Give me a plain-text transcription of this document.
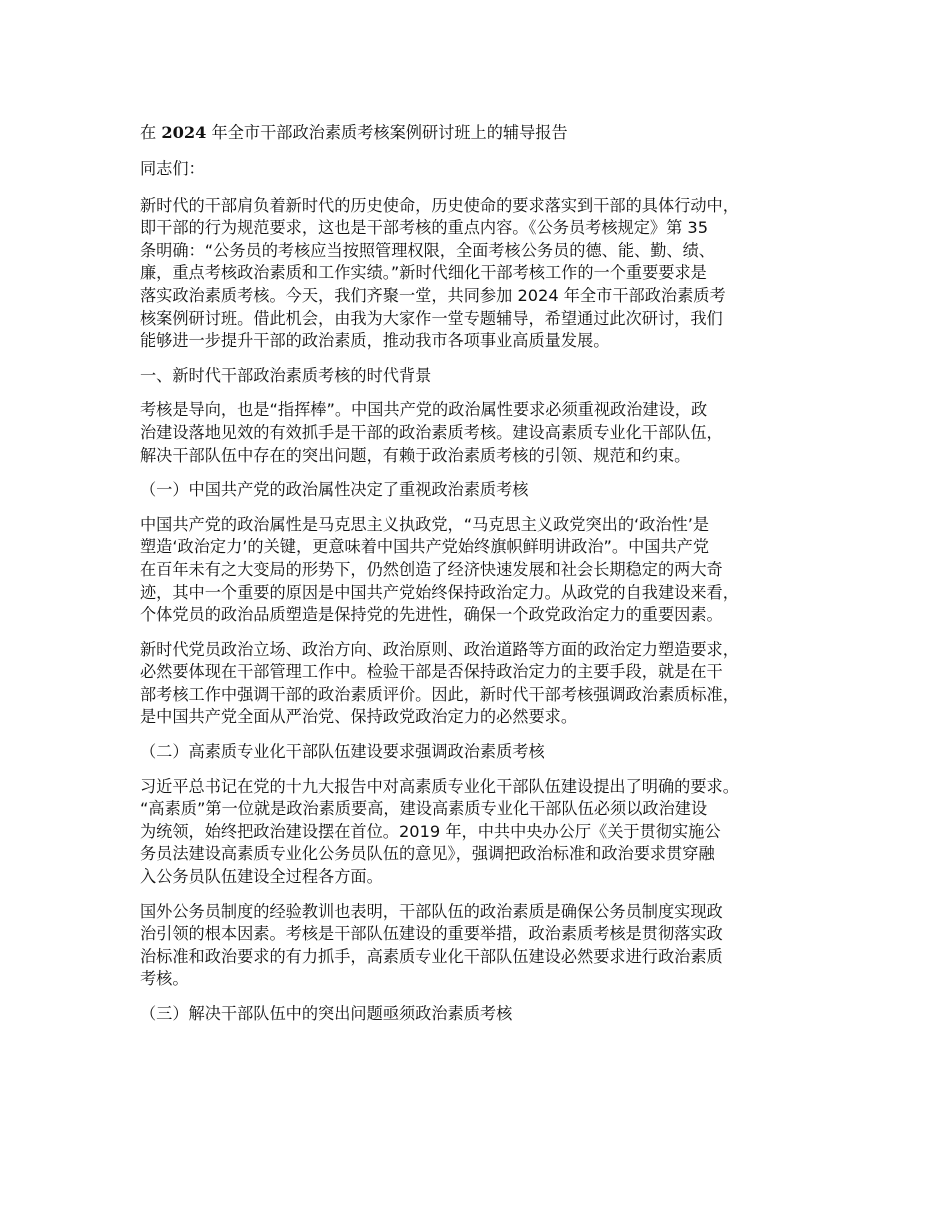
在 2024 年全市干部政治素质考核案例研讨班上的辅导报告
同志们：
新时代的干部肩负着新时代的历史使命，历史使命的要求落实到干部的具体行动中，
即干部的行为规范要求，这也是干部考核的重点内容。《公务员考核规定》第 35
条明确：“公务员的考核应当按照管理权限，全面考核公务员的德、能、勤、绩、
廉，重点考核政治素质和工作实绩。”新时代细化干部考核工作的一个重要要求是
落实政治素质考核。今天，我们齐聚一堂，共同参加 2024 年全市干部政治素质考
核案例研讨班。借此机会，由我为大家作一堂专题辅导，希望通过此次研讨，我们
能够进一步提升干部的政治素质，推动我市各项事业高质量发展。
一、新时代干部政治素质考核的时代背景
考核是导向，也是“指挥棒”。中国共产党的政治属性要求必须重视政治建设，政
治建设落地见效的有效抓手是干部的政治素质考核。建设高素质专业化干部队伍，
解决干部队伍中存在的突出问题，有赖于政治素质考核的引领、规范和约束。
（一）中国共产党的政治属性决定了重视政治素质考核
中国共产党的政治属性是马克思主义执政党，“马克思主义政党突出的‘政治性’是
塑造‘政治定力’的关键，更意味着中国共产党始终旗帜鲜明讲政治”。中国共产党
在百年未有之大变局的形势下，仍然创造了经济快速发展和社会长期稳定的两大奇
迹，其中一个重要的原因是中国共产党始终保持政治定力。从政党的自我建设来看，
个体党员的政治品质塑造是保持党的先进性，确保一个政党政治定力的重要因素。
新时代党员政治立场、政治方向、政治原则、政治道路等方面的政治定力塑造要求，
必然要体现在干部管理工作中。检验干部是否保持政治定力的主要手段，就是在干
部考核工作中强调干部的政治素质评价。因此，新时代干部考核强调政治素质标准，
是中国共产党全面从严治党、保持政党政治定力的必然要求。
（二）高素质专业化干部队伍建设要求强调政治素质考核
习近平总书记在党的十九大报告中对高素质专业化干部队伍建设提出了明确的要求。
“高素质”第一位就是政治素质要高，建设高素质专业化干部队伍必须以政治建设
为统领，始终把政治建设摆在首位。2019 年，中共中央办公厅《关于贯彻实施公
务员法建设高素质专业化公务员队伍的意见》，强调把政治标准和政治要求贯穿融
入公务员队伍建设全过程各方面。
国外公务员制度的经验教训也表明，干部队伍的政治素质是确保公务员制度实现政
治引领的根本因素。考核是干部队伍建设的重要举措，政治素质考核是贯彻落实政
治标准和政治要求的有力抓手，高素质专业化干部队伍建设必然要求进行政治素质
考核。
（三）解决干部队伍中的突出问题亟须政治素质考核
